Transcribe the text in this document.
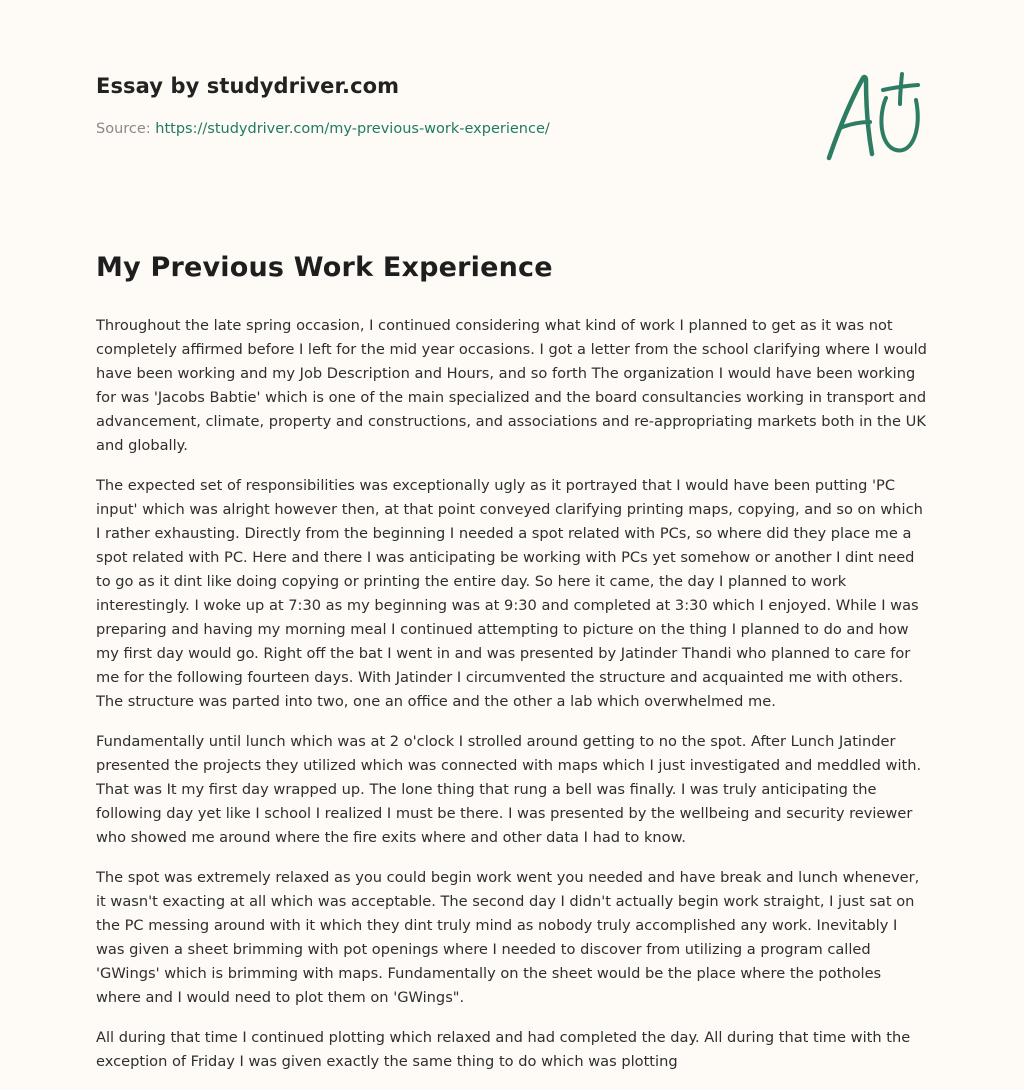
Essay by studydriver.com
Source: https://studydriver.com/my-previous-work-experience/
My Previous Work Experience

Throughout the late spring occasion, I continued considering what kind of work I planned to get as it was not completely affirmed before I left for the mid year occasions. I got a letter from the school clarifying where I would have been working and my Job Description and Hours, and so forth The organization I would have been working for was 'Jacobs Babtie' which is one of the main specialized and the board consultancies working in transport and advancement, climate, property and constructions, and associations and re-appropriating markets both in the UK and globally.

The expected set of responsibilities was exceptionally ugly as it portrayed that I would have been putting 'PC input' which was alright however then, at that point conveyed clarifying printing maps, copying, and so on which I rather exhausting. Directly from the beginning I needed a spot related with PCs, so where did they place me a spot related with PC. Here and there I was anticipating be working with PCs yet somehow or another I dint need to go as it dint like doing copying or printing the entire day. So here it came, the day I planned to work interestingly. I woke up at 7:30 as my beginning was at 9:30 and completed at 3:30 which I enjoyed. While I was preparing and having my morning meal I continued attempting to picture on the thing I planned to do and how my first day would go. Right off the bat I went in and was presented by Jatinder Thandi who planned to care for me for the following fourteen days. With Jatinder I circumvented the structure and acquainted me with others. The structure was parted into two, one an office and the other a lab which overwhelmed me.

Fundamentally until lunch which was at 2 o'clock I strolled around getting to no the spot. After Lunch Jatinder presented the projects they utilized which was connected with maps which I just investigated and meddled with. That was It my first day wrapped up. The lone thing that rung a bell was finally. I was truly anticipating the following day yet like I school I realized I must be there. I was presented by the wellbeing and security reviewer who showed me around where the fire exits where and other data I had to know.

The spot was extremely relaxed as you could begin work went you needed and have break and lunch whenever, it wasn't exacting at all which was acceptable. The second day I didn't actually begin work straight, I just sat on the PC messing around with it which they dint truly mind as nobody truly accomplished any work. Inevitably I was given a sheet brimming with pot openings where I needed to discover from utilizing a program called 'GWings' which is brimming with maps. Fundamentally on the sheet would be the place where the potholes where and I would need to plot them on 'GWings".

All during that time I continued plotting which relaxed and had completed the day. All during that time with the exception of Friday I was given exactly the same thing to do which was plotting
